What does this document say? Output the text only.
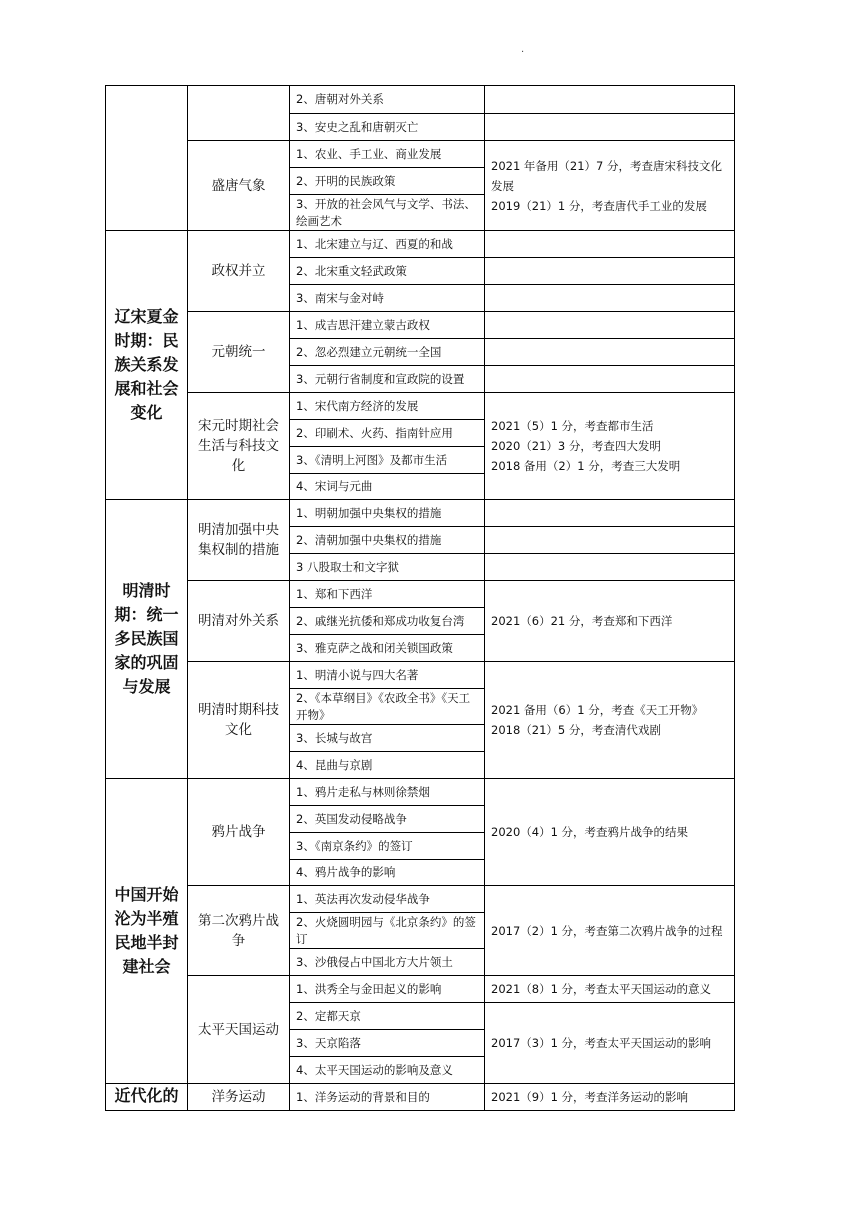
.
		2、唐朝对外关系	
		3、安史之乱和唐朝灭亡	
	盛唐气象	1、农业、手工业、商业发展	2021 年备用（21）7 分，考查唐宋科技文化发展
2019（21）1 分，考查唐代手工业的发展

		2、开明的民族政策	
		3、开放的社会风气与文学、书法、绘画艺术	
辽宋夏金时期：民族关系发展和社会变化	政权并立	1、北宋建立与辽、西夏的和战	
		2、北宋重文轻武政策	
		3、南宋与金对峙	
	元朝统一	1、成吉思汗建立蒙古政权	
		2、忽必烈建立元朝统一全国	
		3、元朝行省制度和宣政院的设置	
	宋元时期社会生活与科技文化	1、宋代南方经济的发展	2021（5）1 分，考查都市生活
2020（21）3 分，考查四大发明
2018 备用（2）1 分，考查三大发明

		2、印刷术、火药、指南针应用	
		3、《清明上河图》及都市生活	
		4、宋词与元曲	
明清时期：统一多民族国家的巩固与发展	明清加强中央集权制的措施	1、明朝加强中央集权的措施	
		2、清朝加强中央集权的措施	
		3 八股取士和文字狱	
	明清对外关系	1、郑和下西洋	2021（6）21 分，考查郑和下西洋

		2、戚继光抗倭和郑成功收复台湾	
		3、雅克萨之战和闭关锁国政策	
	明清时期科技文化	1、明清小说与四大名著	2021 备用（6）1 分，考查《天工开物》
2018（21）5 分，考查清代戏剧

		2、《本草纲目》《农政全书》《天工开物》	
		3、长城与故宫	
		4、昆曲与京剧	
中国开始沦为半殖民地半封建社会	鸦片战争	1、鸦片走私与林则徐禁烟	2020（4）1 分，考查鸦片战争的结果

		2、英国发动侵略战争	
		3、《南京条约》的签订	
		4、鸦片战争的影响	
	第二次鸦片战争	1、英法再次发动侵华战争	2017（2）1 分，考查第二次鸦片战争的过程

		2、火烧圆明园与《北京条约》的签订	
		3、沙俄侵占中国北方大片领土	
	太平天国运动	1、洪秀全与金田起义的影响	2021（8）1 分，考查太平天国运动的意义

		2、定都天京	2017（3）1 分，考查太平天国运动的影响

		3、天京陷落	
		4、太平天国运动的影响及意义	
近代化的	洋务运动	1、洋务运动的背景和目的	2021（9）1 分，考查洋务运动的影响
